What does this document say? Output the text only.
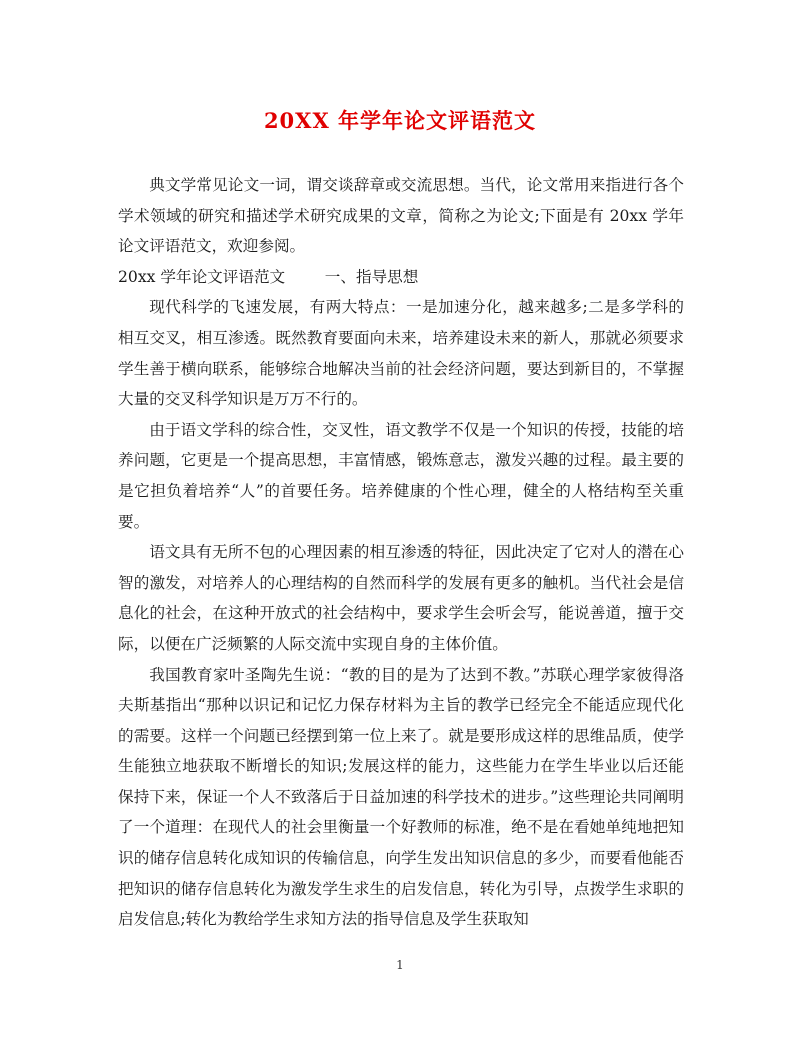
20XX 年学年论文评语范文

典文学常见论文一词，谓交谈辞章或交流思想。当代，论文常用来指进行各个学术领域的研究和描述学术研究成果的文章，简称之为论文;下面是有 20xx 学年论文评语范文，欢迎参阅。

20xx 学年论文评语范文	一、指导思想

现代科学的飞速发展，有两大特点：一是加速分化，越来越多;二是多学科的相互交叉，相互渗透。既然教育要面向未来，培养建设未来的新人，那就必须要求学生善于横向联系，能够综合地解决当前的社会经济问题，要达到新目的，不掌握大量的交叉科学知识是万万不行的。

由于语文学科的综合性，交叉性，语文教学不仅是一个知识的传授，技能的培养问题，它更是一个提高思想，丰富情感，锻炼意志，激发兴趣的过程。最主要的是它担负着培养“人”的首要任务。培养健康的个性心理，健全的人格结构至关重要。

语文具有无所不包的心理因素的相互渗透的特征，因此决定了它对人的潜在心智的激发，对培养人的心理结构的自然而科学的发展有更多的触机。当代社会是信息化的社会，在这种开放式的社会结构中，要求学生会听会写，能说善道，擅于交际，以便在广泛频繁的人际交流中实现自身的主体价值。

我国教育家叶圣陶先生说：“教的目的是为了达到不教。”苏联心理学家彼得洛夫斯基指出“那种以识记和记忆力保存材料为主旨的教学已经完全不能适应现代化的需要。这样一个问题已经摆到第一位上来了。就是要形成这样的思维品质，使学生能独立地获取不断增长的知识;发展这样的能力，这些能力在学生毕业以后还能保持下来，保证一个人不致落后于日益加速的科学技术的进步。”这些理论共同阐明了一个道理：在现代人的社会里衡量一个好教师的标准，绝不是在看她单纯地把知识的储存信息转化成知识的传输信息，向学生发出知识信息的多少，而要看他能否把知识的储存信息转化为激发学生求生的启发信息，转化为引导，点拨学生求职的启发信息;转化为教给学生求知方法的指导信息及学生获取知

1
